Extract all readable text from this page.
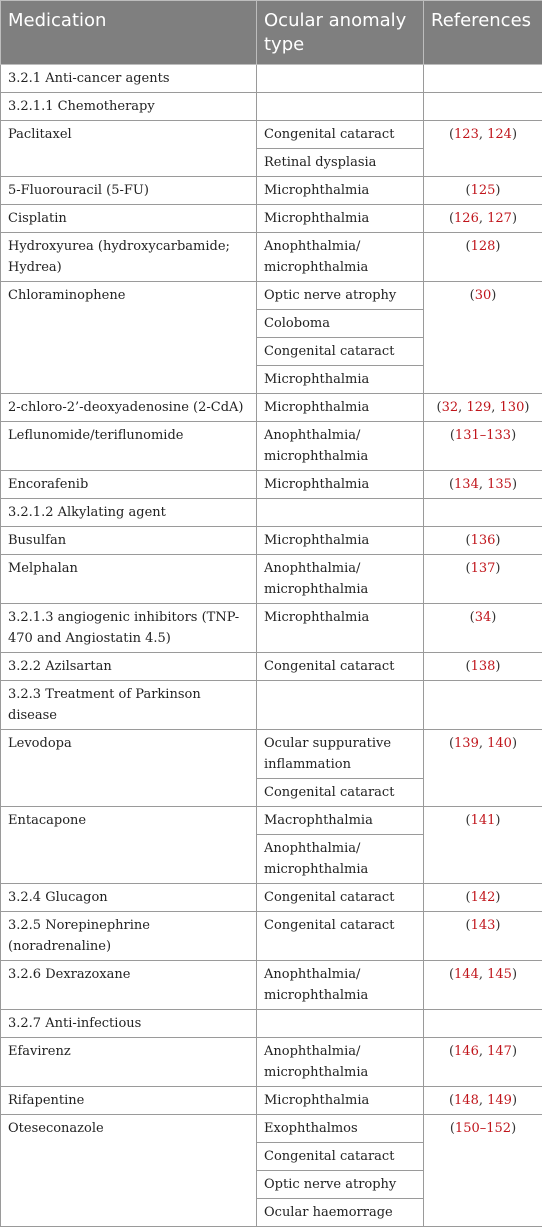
Medication	Ocular anomaly type	References
3.2.1 Anti-cancer agents		
3.2.1.1 Chemotherapy		
Paclitaxel	Congenital cataract	(123, 124)
	Retinal dysplasia	
5-Fluorouracil (5-FU)	Microphthalmia	(125)
Cisplatin	Microphthalmia	(126, 127)
Hydroxyurea (hydroxycarbamide; Hydrea)	Anophthalmia/ microphthalmia	(128)
Chloraminophene	Optic nerve atrophy	(30)
	Coloboma	
	Congenital cataract	
	Microphthalmia	
2-chloro-2’-deoxyadenosine (2-CdA)	Microphthalmia	(32, 129, 130)
Leflunomide/teriflunomide	Anophthalmia/ microphthalmia	(131–133)
Encorafenib	Microphthalmia	(134, 135)
3.2.1.2 Alkylating agent		
Busulfan	Microphthalmia	(136)
Melphalan	Anophthalmia/ microphthalmia	(137)
3.2.1.3 angiogenic inhibitors (TNP-470 and Angiostatin 4.5)	Microphthalmia	(34)
3.2.2 Azilsartan	Congenital cataract	(138)
3.2.3 Treatment of Parkinson disease		
Levodopa	Ocular suppurative inflammation	(139, 140)
	Congenital cataract	
Entacapone	Macrophthalmia	(141)
	Anophthalmia/ microphthalmia	
3.2.4 Glucagon	Congenital cataract	(142)
3.2.5 Norepinephrine (noradrenaline)	Congenital cataract	(143)
3.2.6 Dexrazoxane	Anophthalmia/ microphthalmia	(144, 145)
3.2.7 Anti-infectious		
Efavirenz	Anophthalmia/ microphthalmia	(146, 147)
Rifapentine	Microphthalmia	(148, 149)
Oteseconazole	Exophthalmos	(150–152)
	Congenital cataract	
	Optic nerve atrophy	
	Ocular haemorrage	
